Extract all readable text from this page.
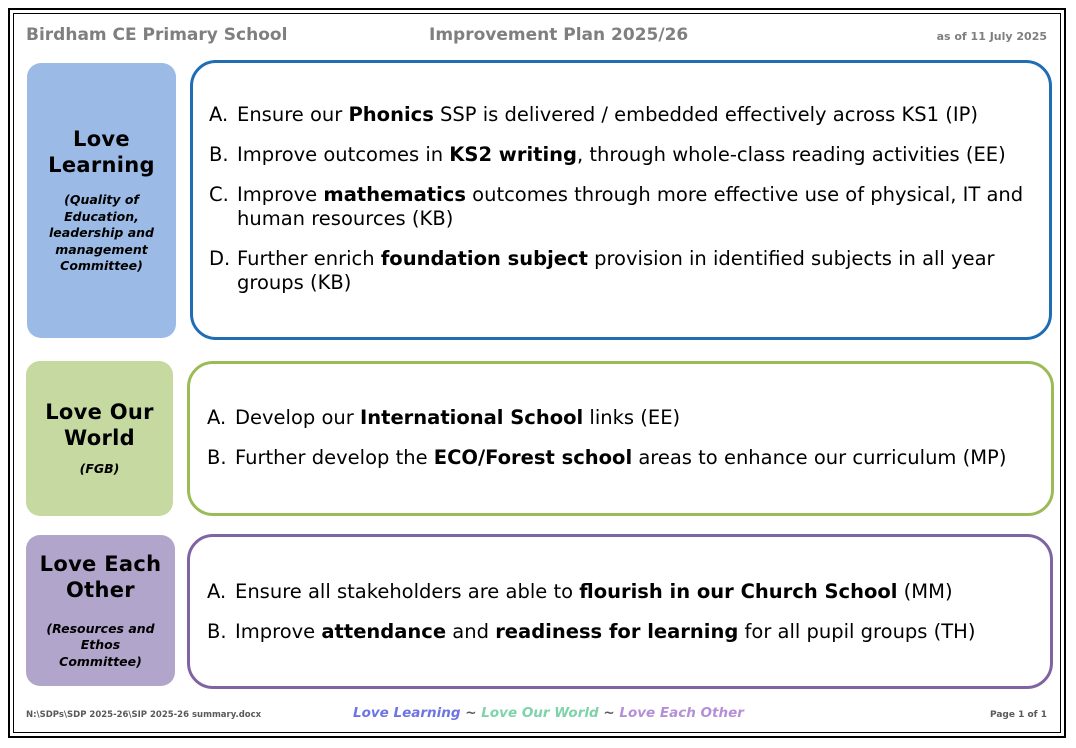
Birdham CE Primary School	Improvement Plan 2025/26	as of 11 July 2025
Love
Learning
(Quality of Education, leadership and management Committee)
A. Ensure our Phonics SSP is delivered / embedded effectively across KS1 (IP)
B. Improve outcomes in KS2 writing, through whole-class reading activities (EE)
C. Improve mathematics outcomes through more effective use of physical, IT and human resources (KB)
D. Further enrich foundation subject provision in identified subjects in all year groups (KB)
Love Our
World
(FGB)
A. Develop our International School links (EE)
B. Further develop the ECO/Forest school areas to enhance our curriculum (MP)
Love Each
Other
(Resources and Ethos Committee)
A. Ensure all stakeholders are able to flourish in our Church School (MM)
B. Improve attendance and readiness for learning for all pupil groups (TH)
N:\SDPs\SDP 2025-26\SIP 2025-26 summary.docx	Love Learning ~ Love Our World ~ Love Each Other	Page 1 of 1
